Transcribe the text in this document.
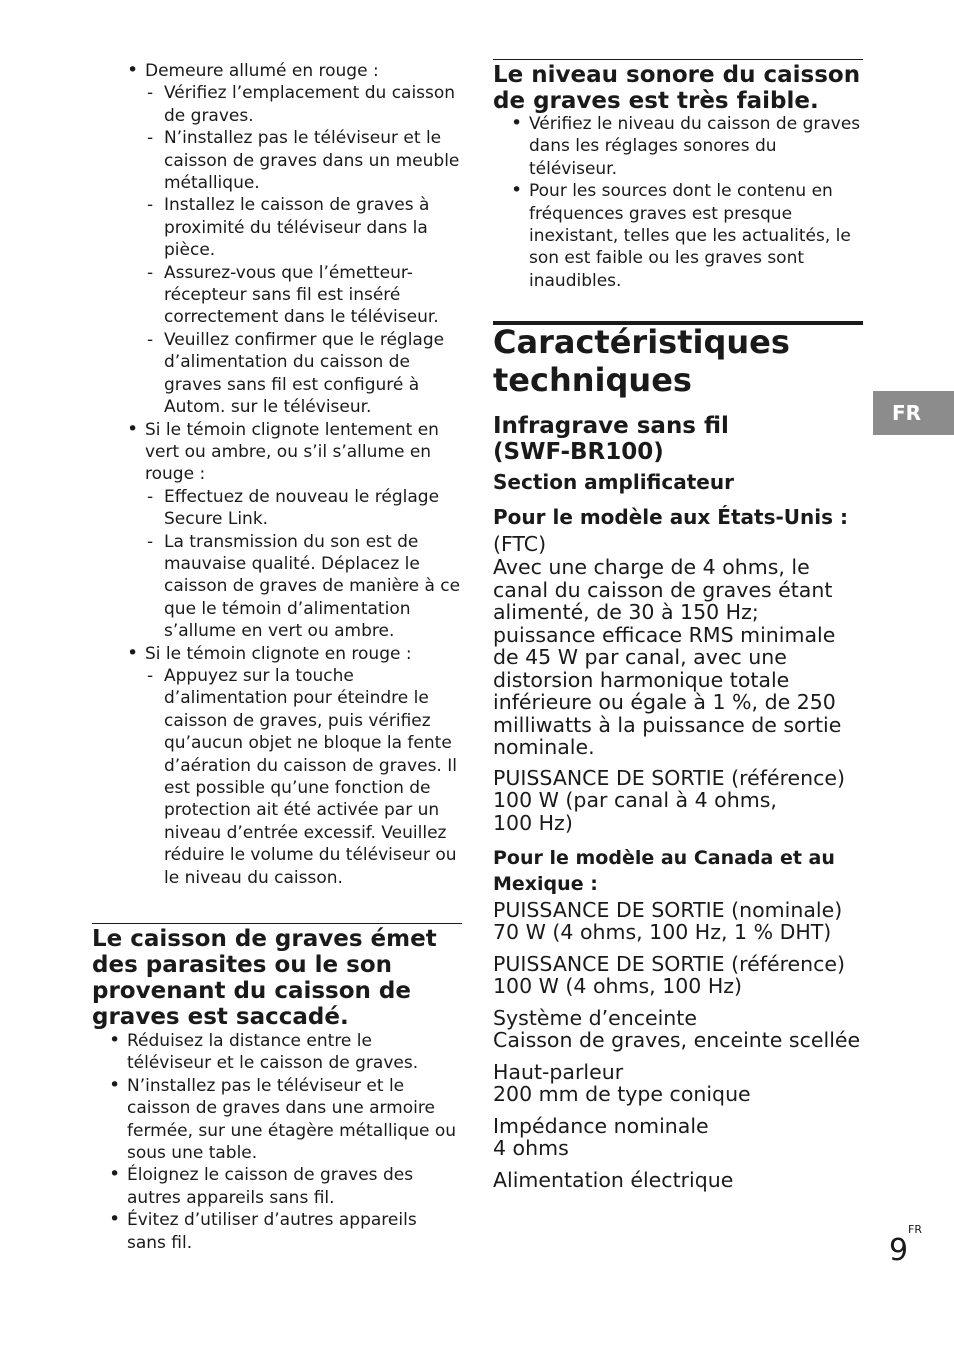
• Demeure allumé en rouge :
- Vérifiez l’emplacement du caisson de graves.
- N’installez pas le téléviseur et le caisson de graves dans un meuble métallique.
- Installez le caisson de graves à proximité du téléviseur dans la pièce.
- Assurez-vous que l’émetteur-récepteur sans fil est inséré correctement dans le téléviseur.
- Veuillez confirmer que le réglage d’alimentation du caisson de graves sans fil est configuré à Autom. sur le téléviseur.
• Si le témoin clignote lentement en vert ou ambre, ou s’il s’allume en rouge :
- Effectuez de nouveau le réglage Secure Link.
- La transmission du son est de mauvaise qualité. Déplacez le caisson de graves de manière à ce que le témoin d’alimentation s’allume en vert ou ambre.
• Si le témoin clignote en rouge :
- Appuyez sur la touche d’alimentation pour éteindre le caisson de graves, puis vérifiez qu’aucun objet ne bloque la fente d’aération du caisson de graves. Il est possible qu’une fonction de protection ait été activée par un niveau d’entrée excessif. Veuillez réduire le volume du téléviseur ou le niveau du caisson.
Le caisson de graves émet des parasites ou le son provenant du caisson de graves est saccadé.
• Réduisez la distance entre le téléviseur et le caisson de graves.
• N’installez pas le téléviseur et le caisson de graves dans une armoire fermée, sur une étagère métallique ou sous une table.
• Éloignez le caisson de graves des autres appareils sans fil.
• Évitez d’utiliser d’autres appareils sans fil.
Le niveau sonore du caisson de graves est très faible.
• Vérifiez le niveau du caisson de graves dans les réglages sonores du téléviseur.
• Pour les sources dont le contenu en fréquences graves est presque inexistant, telles que les actualités, le son est faible ou les graves sont inaudibles.
Caractéristiques techniques
Infragrave sans fil (SWF-BR100)
Section amplificateur
Pour le modèle aux États-Unis :

(FTC)

Avec une charge de 4 ohms, le canal du caisson de graves étant alimenté, de 30 à 150 Hz; puissance efficace RMS minimale de 45 W par canal, avec une distorsion harmonique totale inférieure ou égale à 1 %, de 250 milliwatts à la puissance de sortie nominale.

PUISSANCE DE SORTIE (référence)

100 W (par canal à 4 ohms, 100 Hz)

Pour le modèle au Canada et au Mexique :

PUISSANCE DE SORTIE (nominale)

70 W (4 ohms, 100 Hz, 1 % DHT)

PUISSANCE DE SORTIE (référence)

100 W (4 ohms, 100 Hz)

Système d’enceinte

Caisson de graves, enceinte scellée

Haut-parleur

200 mm de type conique

Impédance nominale

4 ohms

Alimentation électrique

FR
9
FR
